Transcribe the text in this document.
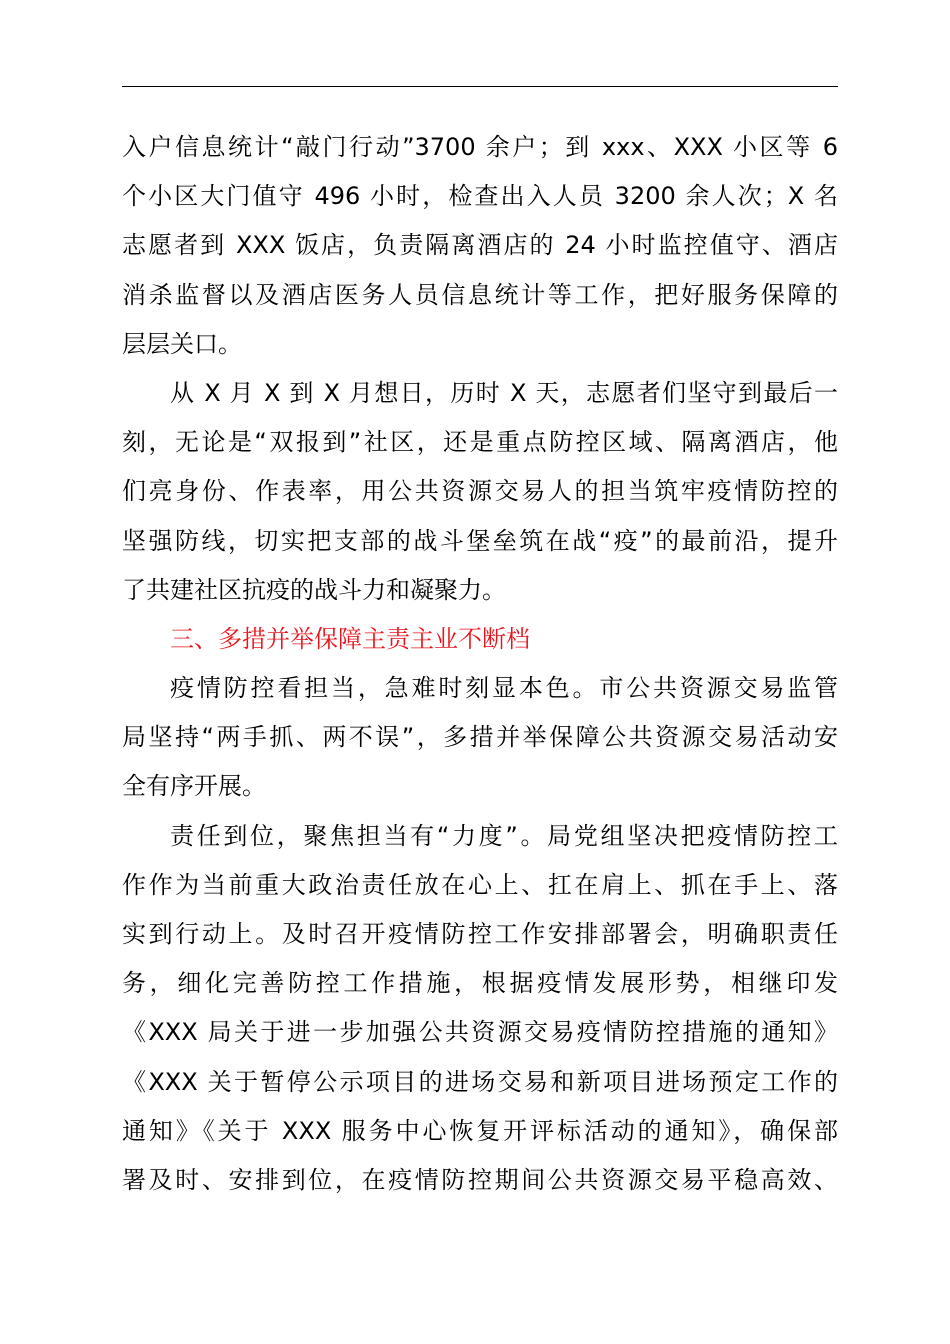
入户信息统计“敲门行动”3700 余户；到 xxx、XXX 小区等 6
个小区大门值守 496 小时，检查出入人员 3200 余人次；X 名
志愿者到 XXX 饭店，负责隔离酒店的 24 小时监控值守、酒店
消杀监督以及酒店医务人员信息统计等工作，把好服务保障的
层层关口。
从 X 月 X 到 X 月想日，历时 X 天，志愿者们坚守到最后一
刻，无论是“双报到”社区，还是重点防控区域、隔离酒店，他
们亮身份、作表率，用公共资源交易人的担当筑牢疫情防控的
坚强防线，切实把支部的战斗堡垒筑在战“疫”的最前沿，提升
了共建社区抗疫的战斗力和凝聚力。
三、多措并举保障主责主业不断档
疫情防控看担当，急难时刻显本色。市公共资源交易监管
局坚持“两手抓、两不误”，多措并举保障公共资源交易活动安
全有序开展。
责任到位，聚焦担当有“力度”。局党组坚决把疫情防控工
作作为当前重大政治责任放在心上、扛在肩上、抓在手上、落
实到行动上。及时召开疫情防控工作安排部署会，明确职责任
务，细化完善防控工作措施，根据疫情发展形势，相继印发
《XXX 局关于进一步加强公共资源交易疫情防控措施的通知》
《XXX 关于暂停公示项目的进场交易和新项目进场预定工作的
通知》《关于 XXX 服务中心恢复开评标活动的通知》，确保部
署及时、安排到位，在疫情防控期间公共资源交易平稳高效、
